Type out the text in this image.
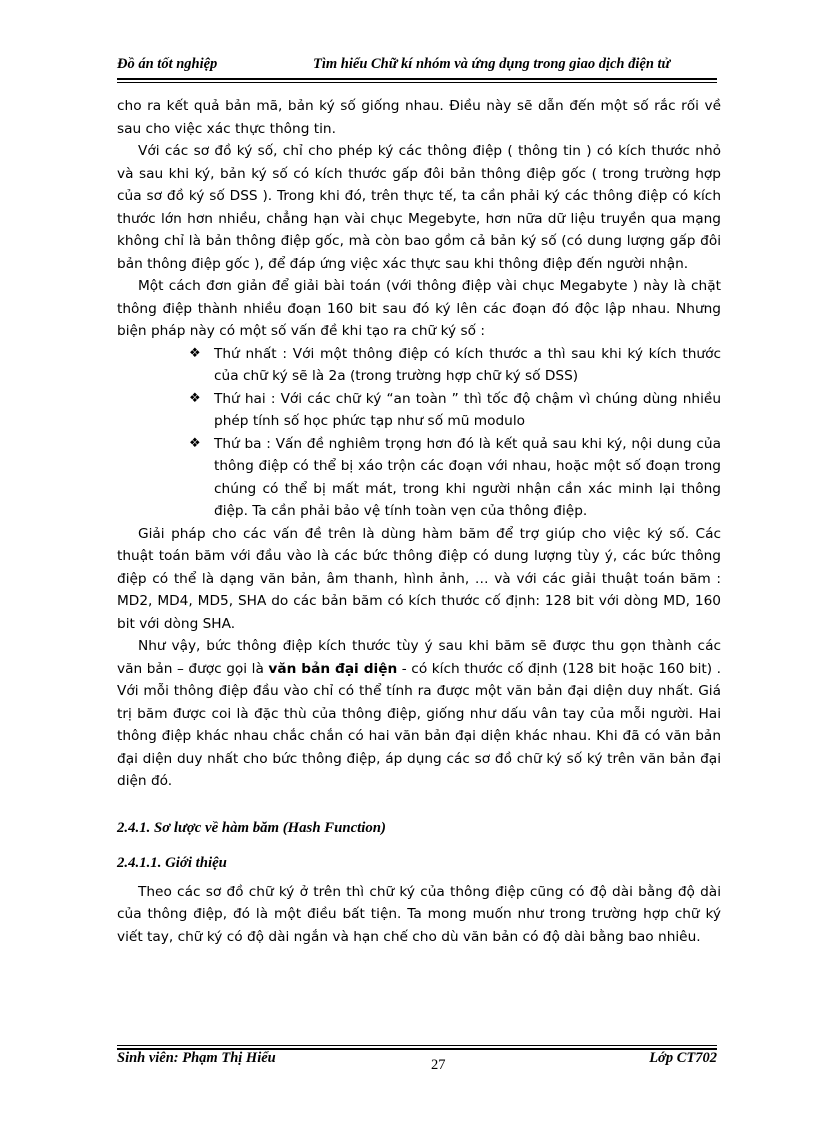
Đồ án tốt nghiệp	Tìm hiểu Chữ kí nhóm và ứng dụng trong giao dịch điện tử

cho ra kết quả bản mã, bản ký số giống nhau. Điều này sẽ dẫn đến một số rắc rối về sau cho việc xác thực thông tin.

Với các sơ đồ ký số, chỉ cho phép ký các thông điệp ( thông tin ) có kích thước nhỏ và sau khi ký, bản ký số có kích thước gấp đôi bản thông điệp gốc ( trong trường hợp của sơ đồ ký số DSS ). Trong khi đó, trên thực tế, ta cần phải ký các thông điệp có kích thước lớn hơn nhiều, chẳng hạn vài chục Megebyte, hơn nữa dữ liệu truyền qua mạng không chỉ là bản thông điệp gốc, mà còn bao gồm cả bản ký số (có dung lượng gấp đôi bản thông điệp gốc ), để đáp ứng việc xác thực sau khi thông điệp đến người nhận.

Một cách đơn giản để giải bài toán (với thông điệp vài chục Megabyte ) này là chặt thông điệp thành nhiều đoạn 160 bit sau đó ký lên các đoạn đó độc lập nhau. Nhưng biện pháp này có một số vấn đề khi tạo ra chữ ký số :

❖ Thứ nhất : Với một thông điệp có kích thước a thì sau khi ký kích thước của chữ ký sẽ là 2a (trong trường hợp chữ ký số DSS)
❖ Thứ hai : Với các chữ ký “an toàn ” thì tốc độ chậm vì chúng dùng nhiều phép tính số học phức tạp như số mũ modulo
❖ Thứ ba : Vấn đề nghiêm trọng hơn đó là kết quả sau khi ký, nội dung của thông điệp có thể bị xáo trộn các đoạn với nhau, hoặc một số đoạn trong chúng có thể bị mất mát, trong khi người nhận cần xác minh lại thông điệp. Ta cần phải bảo vệ tính toàn vẹn của thông điệp.

Giải pháp cho các vấn đề trên là dùng hàm băm để trợ giúp cho việc ký số. Các thuật toán băm với đầu vào là các bức thông điệp có dung lượng tùy ý, các bức thông điệp có thể là dạng văn bản, âm thanh, hình ảnh, … và với các giải thuật toán băm : MD2, MD4, MD5, SHA do các bản băm có kích thước cố định: 128 bit với dòng MD, 160 bit với dòng SHA.

Như vậy, bức thông điệp kích thước tùy ý sau khi băm sẽ được thu gọn thành các văn bản – được gọi là văn bản đại diện - có kích thước cố định (128 bit hoặc 160 bit) . Với mỗi thông điệp đầu vào chỉ có thể tính ra được một văn bản đại diện duy nhất. Giá trị băm được coi là đặc thù của thông điệp, giống như dấu vân tay của mỗi người. Hai thông điệp khác nhau chắc chắn có hai văn bản đại diện khác nhau. Khi đã có văn bản đại diện duy nhất cho bức thông điệp, áp dụng các sơ đồ chữ ký số ký trên văn bản đại diện đó.

2.4.1. Sơ lược về hàm băm (Hash Function)

2.4.1.1. Giới thiệu

Theo các sơ đồ chữ ký ở trên thì chữ ký của thông điệp cũng có độ dài bằng độ dài của thông điệp, đó là một điều bất tiện. Ta mong muốn như trong trường hợp chữ ký viết tay, chữ ký có độ dài ngắn và hạn chế cho dù văn bản có độ dài bằng bao nhiêu.

Sinh viên: Phạm Thị Hiểu	27	Lớp CT702
